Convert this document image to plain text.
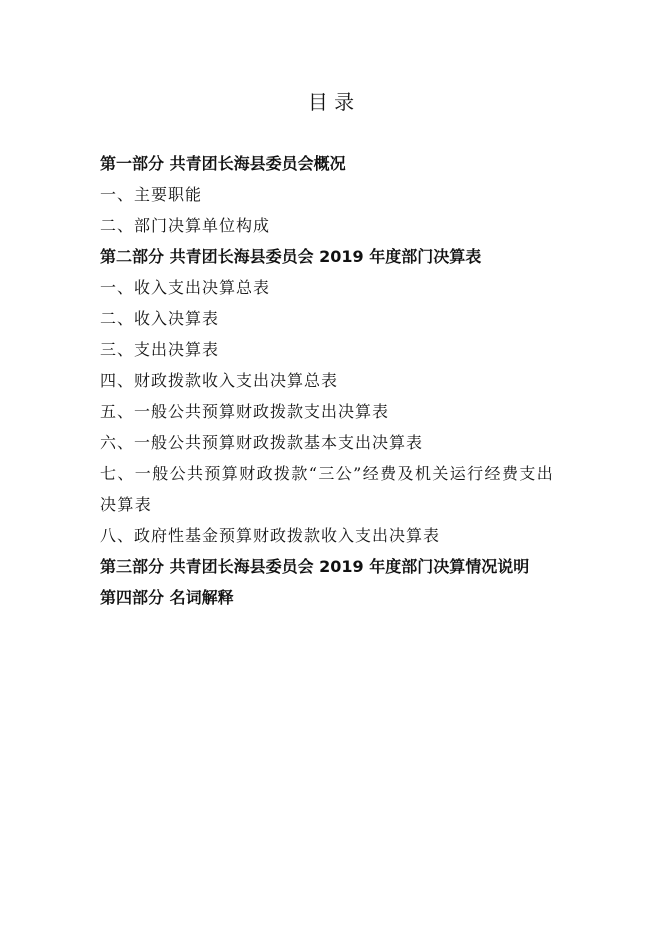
目 录
第一部分 共青团长海县委员会概况
一、主要职能
二、部门决算单位构成
第二部分 共青团长海县委员会 2019 年度部门决算表
一、收入支出决算总表
二、收入决算表
三、支出决算表
四、财政拨款收入支出决算总表
五、一般公共预算财政拨款支出决算表
六、一般公共预算财政拨款基本支出决算表
七、一般公共预算财政拨款“三公”经费及机关运行经费支出决算表
八、政府性基金预算财政拨款收入支出决算表
第三部分 共青团长海县委员会 2019 年度部门决算情况说明
第四部分 名词解释
